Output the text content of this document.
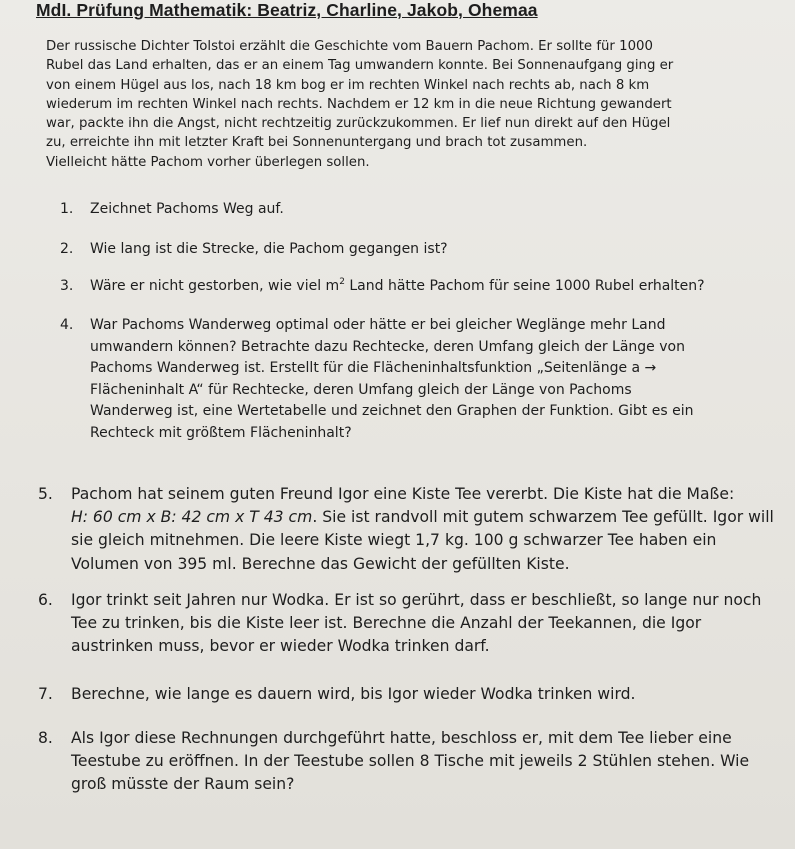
MdI. Prüfung Mathematik: Beatriz, Charline, Jakob, Ohemaa

Der russische Dichter Tolstoi erzählt die Geschichte vom Bauern Pachom. Er sollte für 1000

Rubel das Land erhalten, das er an einem Tag umwandern konnte. Bei Sonnenaufgang ging er

von einem Hügel aus los, nach 18 km bog er im rechten Winkel nach rechts ab, nach 8 km

wiederum im rechten Winkel nach rechts. Nachdem er 12 km in die neue Richtung gewandert

war, packte ihn die Angst, nicht rechtzeitig zurückzukommen. Er lief nun direkt auf den Hügel

zu, erreichte ihn mit letzter Kraft bei Sonnenuntergang und brach tot zusammen.

Vielleicht hätte Pachom vorher überlegen sollen.

1.	Zeichnet Pachoms Weg auf.
2.	Wie lang ist die Strecke, die Pachom gegangen ist?
3.	Wäre er nicht gestorben, wie viel $m^2$ Land hätte Pachom für seine 1000 Rubel erhalten?
4.	War Pachoms Wanderweg optimal oder hätte er bei gleicher Weglänge mehr Land
umwandern können? Betrachte dazu Rechtecke, deren Umfang gleich der Länge von
Pachoms Wanderweg ist. Erstellt für die Flächeninhaltsfunktion „Seitenlänge a →
Flächeninhalt A“ für Rechtecke, deren Umfang gleich der Länge von Pachoms
Wanderweg ist, eine Wertetabelle und zeichnet den Graphen der Funktion. Gibt es ein
Rechteck mit größtem Flächeninhalt?
5.	Pachom hat seinem guten Freund Igor eine Kiste Tee vererbt. Die Kiste hat die Maße:
H: 60 cm x B: 42 cm x T 43 cm. Sie ist randvoll mit gutem schwarzem Tee gefüllt. Igor will
sie gleich mitnehmen. Die leere Kiste wiegt 1,7 kg. 100 g schwarzer Tee haben ein
Volumen von 395 ml. Berechne das Gewicht der gefüllten Kiste.
6.	Igor trinkt seit Jahren nur Wodka. Er ist so gerührt, dass er beschließt, so lange nur noch
Tee zu trinken, bis die Kiste leer ist. Berechne die Anzahl der Teekannen, die Igor
austrinken muss, bevor er wieder Wodka trinken darf.
7.	Berechne, wie lange es dauern wird, bis Igor wieder Wodka trinken wird.
8.	Als Igor diese Rechnungen durchgeführt hatte, beschloss er, mit dem Tee lieber eine
Teestube zu eröffnen. In der Teestube sollen 8 Tische mit jeweils 2 Stühlen stehen. Wie
groß müsste der Raum sein?
